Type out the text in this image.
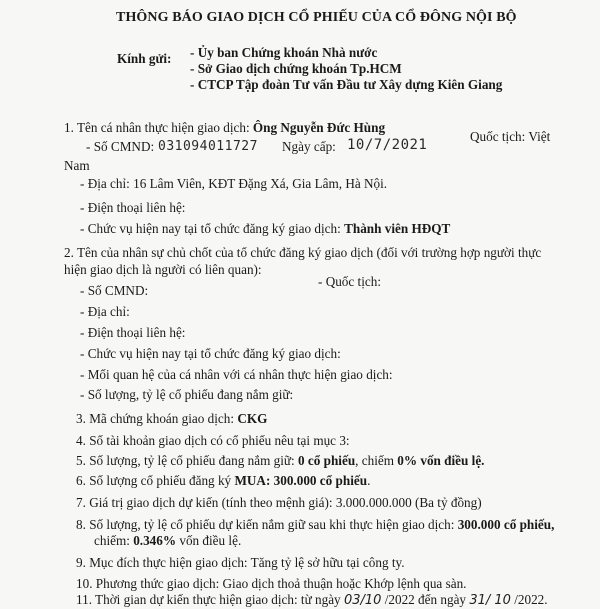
THÔNG BÁO GIAO DỊCH CỔ PHIẾU CỦA CỔ ĐÔNG NỘI BỘ
Kính gửi: - Ủy ban Chứng khoán Nhà nước
- Sở Giao dịch chứng khoán Tp.HCM
- CTCP Tập đoàn Tư vấn Đầu tư Xây dựng Kiên Giang
1. Tên cá nhân thực hiện giao dịch: Ông Nguyễn Đức Hùng
- Số CMND: 031094011727 Ngày cấp: 10/7/2021
Quốc tịch: Việt
Nam
- Địa chỉ: 16 Lâm Viên, KĐT Đặng Xá, Gia Lâm, Hà Nội.
- Điện thoại liên hệ:
- Chức vụ hiện nay tại tổ chức đăng ký giao dịch: Thành viên HĐQT
2. Tên của nhân sự chủ chốt của tổ chức đăng ký giao dịch (đối với trường hợp người thực
hiện giao dịch là người có liên quan):
- Số CMND:
- Quốc tịch:
- Địa chỉ:
- Điện thoại liên hệ:
- Chức vụ hiện nay tại tổ chức đăng ký giao dịch:
- Mối quan hệ của cá nhân với cá nhân thực hiện giao dịch:
- Số lượng, tỷ lệ cổ phiếu đang nắm giữ:
3. Mã chứng khoán giao dịch: CKG
4. Số tài khoản giao dịch có cổ phiếu nêu tại mục 3:
5. Số lượng, tỷ lệ cổ phiếu đang nắm giữ: 0 cổ phiếu, chiếm 0% vốn điều lệ.
6. Số lượng cổ phiếu đăng ký MUA: 300.000 cổ phiếu.
7. Giá trị giao dịch dự kiến (tính theo mệnh giá): 3.000.000.000 (Ba tỷ đồng)
8. Số lượng, tỷ lệ cổ phiếu dự kiến nắm giữ sau khi thực hiện giao dịch: 300.000 cổ phiếu,
chiếm: 0.346% vốn điều lệ.
9. Mục đích thực hiện giao dịch: Tăng tỷ lệ sở hữu tại công ty.
10. Phương thức giao dịch: Giao dịch thoả thuận hoặc Khớp lệnh qua sàn.
11. Thời gian dự kiến thực hiện giao dịch: từ ngày 03/10 /2022 đến ngày 31/ 10 /2022.
